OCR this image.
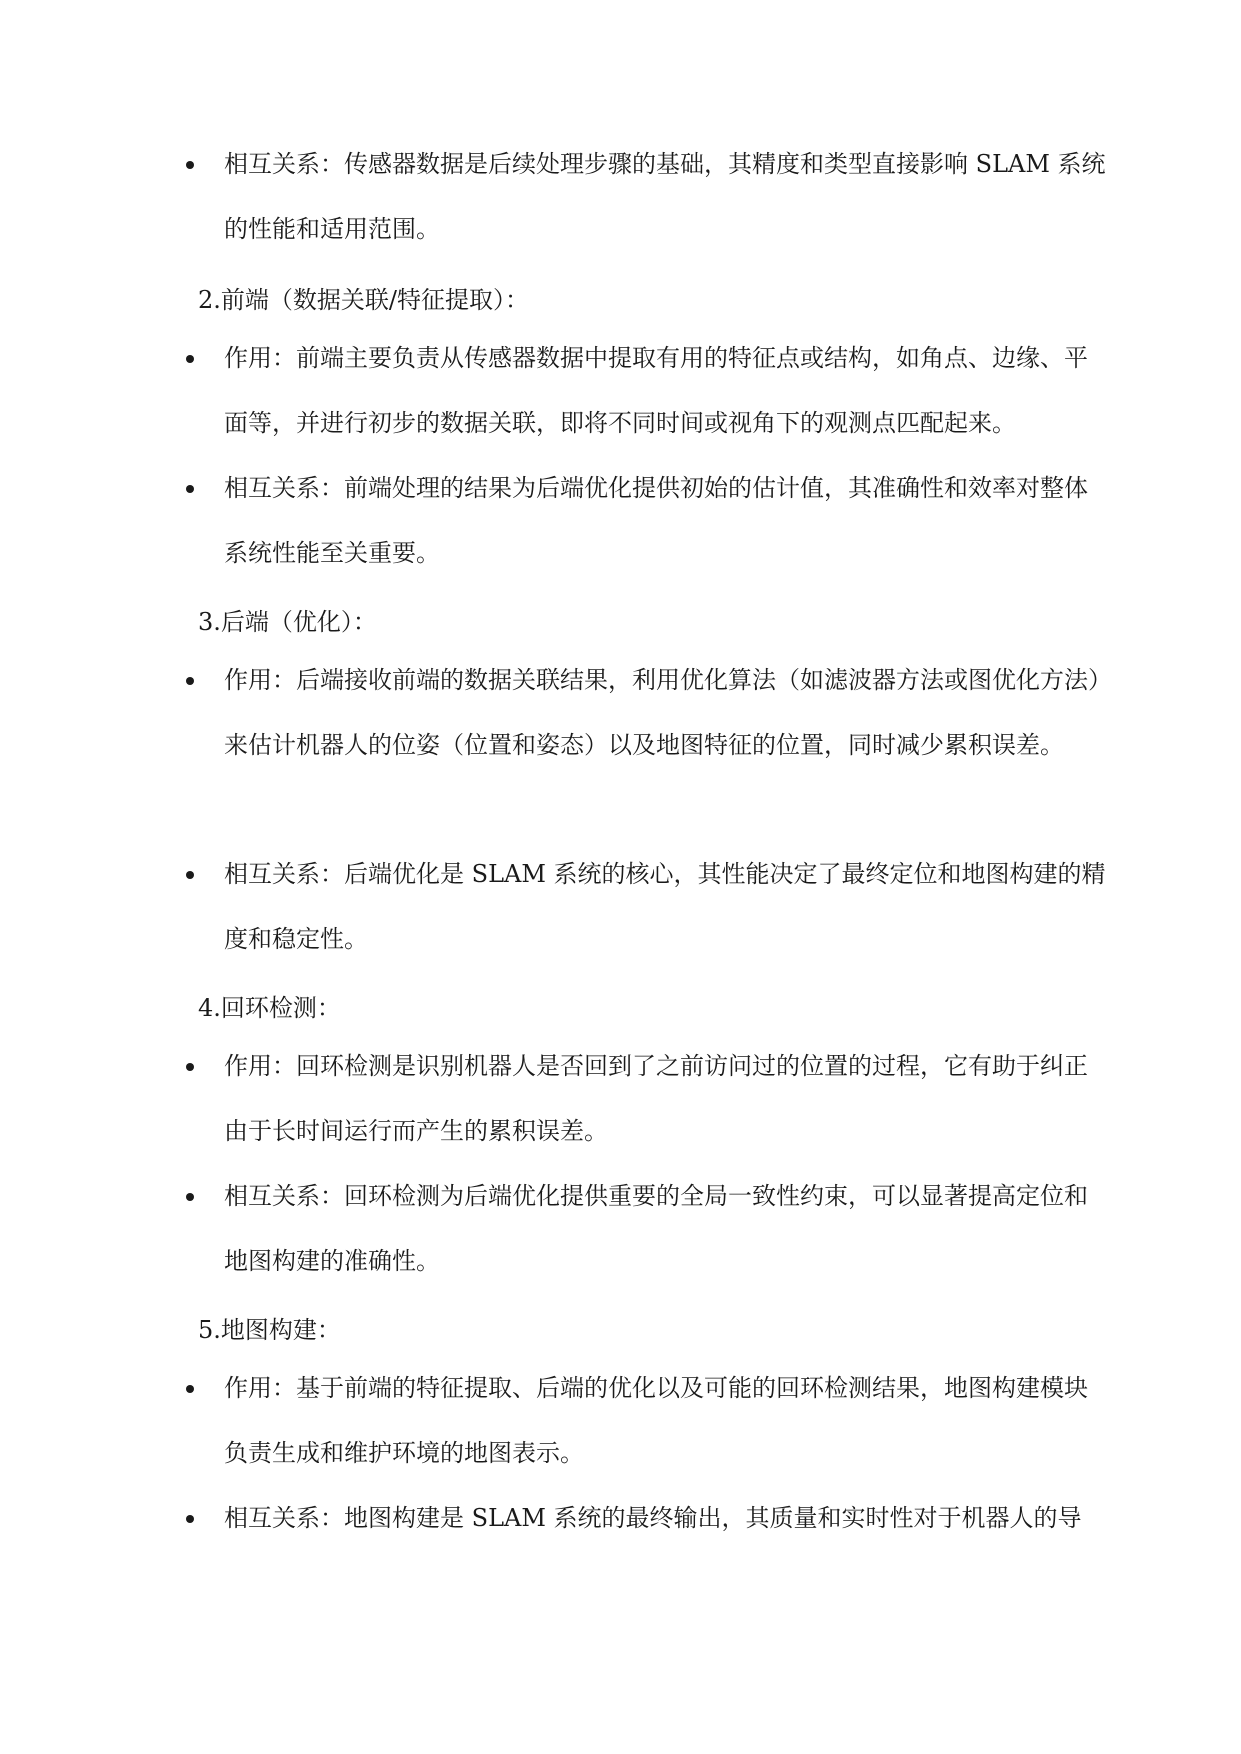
相互关系：传感器数据是后续处理步骤的基础，其精度和类型直接影响 SLAM 系统的性能和适用范围。
2.前端（数据关联/特征提取）：
作用：前端主要负责从传感器数据中提取有用的特征点或结构，如角点、边缘、平面等，并进行初步的数据关联，即将不同时间或视角下的观测点匹配起来。
相互关系：前端处理的结果为后端优化提供初始的估计值，其准确性和效率对整体系统性能至关重要。
3.后端（优化）：
作用：后端接收前端的数据关联结果，利用优化算法（如滤波器方法或图优化方法）来估计机器人的位姿（位置和姿态）以及地图特征的位置，同时减少累积误差。
相互关系：后端优化是 SLAM 系统的核心，其性能决定了最终定位和地图构建的精度和稳定性。
4.回环检测：
作用：回环检测是识别机器人是否回到了之前访问过的位置的过程，它有助于纠正由于长时间运行而产生的累积误差。
相互关系：回环检测为后端优化提供重要的全局一致性约束，可以显著提高定位和地图构建的准确性。
5.地图构建：
作用：基于前端的特征提取、后端的优化以及可能的回环检测结果，地图构建模块负责生成和维护环境的地图表示。
相互关系：地图构建是 SLAM 系统的最终输出，其质量和实时性对于机器人的导
